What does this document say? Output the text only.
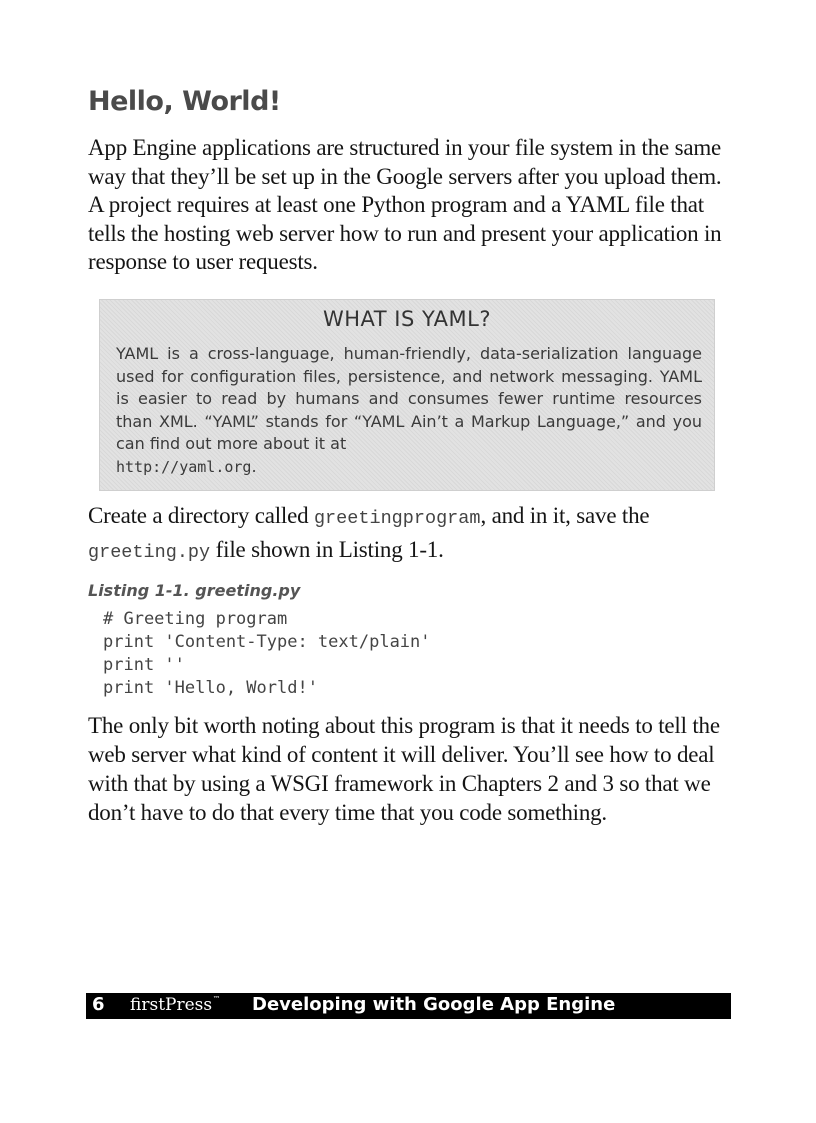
Hello, World!

App Engine applications are structured in your file system in the same way that they’ll be set up in the Google servers after you upload them. A project requires at least one Python program and a YAML file that tells the hosting web server how to run and present your application in response to user requests.

WHAT IS YAML?
YAML is a cross-language, human-friendly, data-serialization language used for configuration files, persistence, and network messaging. YAML is easier to read by humans and consumes fewer runtime resources than XML. “YAML” stands for “YAML Ain’t a Markup Language,” and you can find out more about it at
http://yaml.org.

Create a directory called greetingprogram, and in it, save the
greeting.py file shown in Listing 1-1.

Listing 1-1. greeting.py
# Greeting program
print 'Content-Type: text/plain'
print ''
print 'Hello, World!'

The only bit worth noting about this program is that it needs to tell the web server what kind of content it will deliver. You’ll see how to deal with that by using a WSGI framework in Chapters 2 and 3 so that we don’t have to do that every time that you code something.

6 firstPress™ Developing with Google App Engine
